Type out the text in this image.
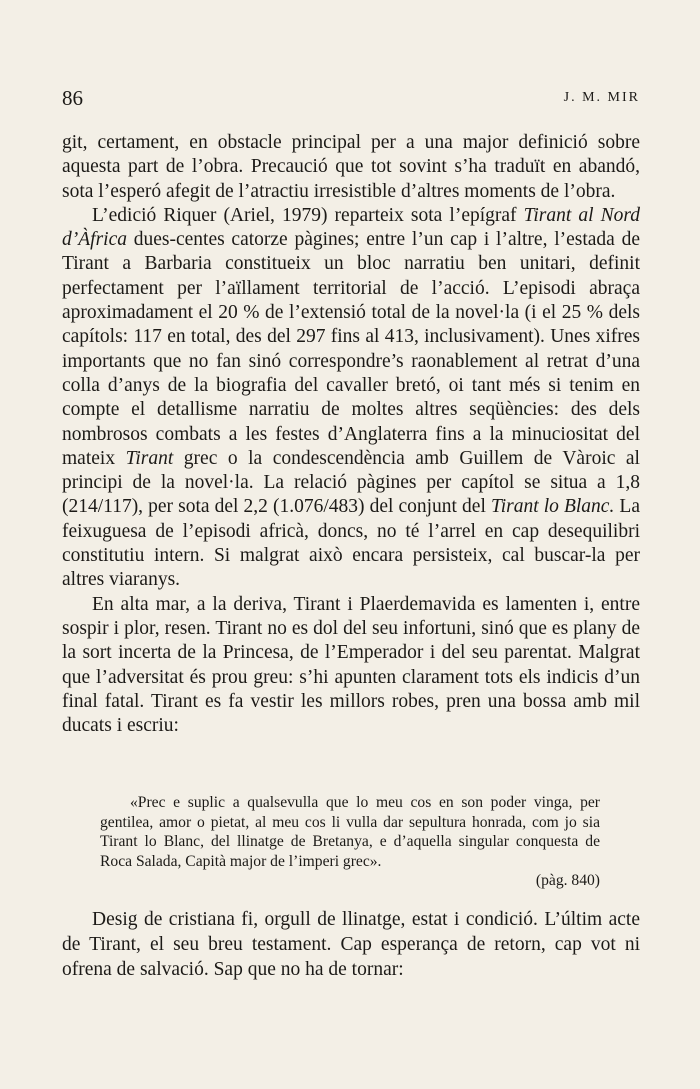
86	J. M. MIR

git, certament, en obstacle principal per a una major definició sobre aquesta part de l’obra. Precaució que tot sovint s’ha traduït en abandó, sota l’esperó afegit de l’atractiu irresistible d’altres moments de l’obra.

L’edició Riquer (Ariel, 1979) reparteix sota l’epígraf Tirant al Nord d’Àfrica dues-centes catorze pàgines; entre l’un cap i l’altre, l’estada de Tirant a Barbaria constitueix un bloc narratiu ben unitari, definit perfectament per l’aïllament territorial de l’acció. L’episodi abraça aproximadament el 20 % de l’extensió total de la novel·la (i el 25 % dels capítols: 117 en total, des del 297 fins al 413, inclusivament). Unes xifres importants que no fan sinó correspondre’s raonablement al retrat d’una colla d’anys de la biografia del cavaller bretó, oi tant més si tenim en compte el detallisme narratiu de moltes altres seqüències: des dels nombrosos combats a les festes d’Anglaterra fins a la minuciositat del mateix Tirant grec o la condescendència amb Guillem de Vàroic al principi de la novel·la. La relació pàgines per capítol se situa a 1,8 (214/117), per sota del 2,2 (1.076/483) del conjunt del Tirant lo Blanc. La feixuguesa de l’episodi africà, doncs, no té l’arrel en cap desequilibri constitutiu intern. Si malgrat això encara persisteix, cal buscar-la per altres viaranys.

En alta mar, a la deriva, Tirant i Plaerdemavida es lamenten i, entre sospir i plor, resen. Tirant no es dol del seu infortuni, sinó que es plany de la sort incerta de la Princesa, de l’Emperador i del seu parentat. Malgrat que l’adversitat és prou greu: s’hi apunten clarament tots els indicis d’un final fatal. Tirant es fa vestir les millors robes, pren una bossa amb mil ducats i escriu:

«Prec e suplic a qualsevulla que lo meu cos en son poder vinga, per gentilea, amor o pietat, al meu cos li vulla dar sepultura honrada, com jo sia Tirant lo Blanc, del llinatge de Bretanya, e d’aquella singular conquesta de Roca Salada, Capità major de l’imperi grec».

(pàg. 840)

Desig de cristiana fi, orgull de llinatge, estat i condició. L’últim acte de Tirant, el seu breu testament. Cap esperança de retorn, cap vot ni ofrena de salvació. Sap que no ha de tornar:
